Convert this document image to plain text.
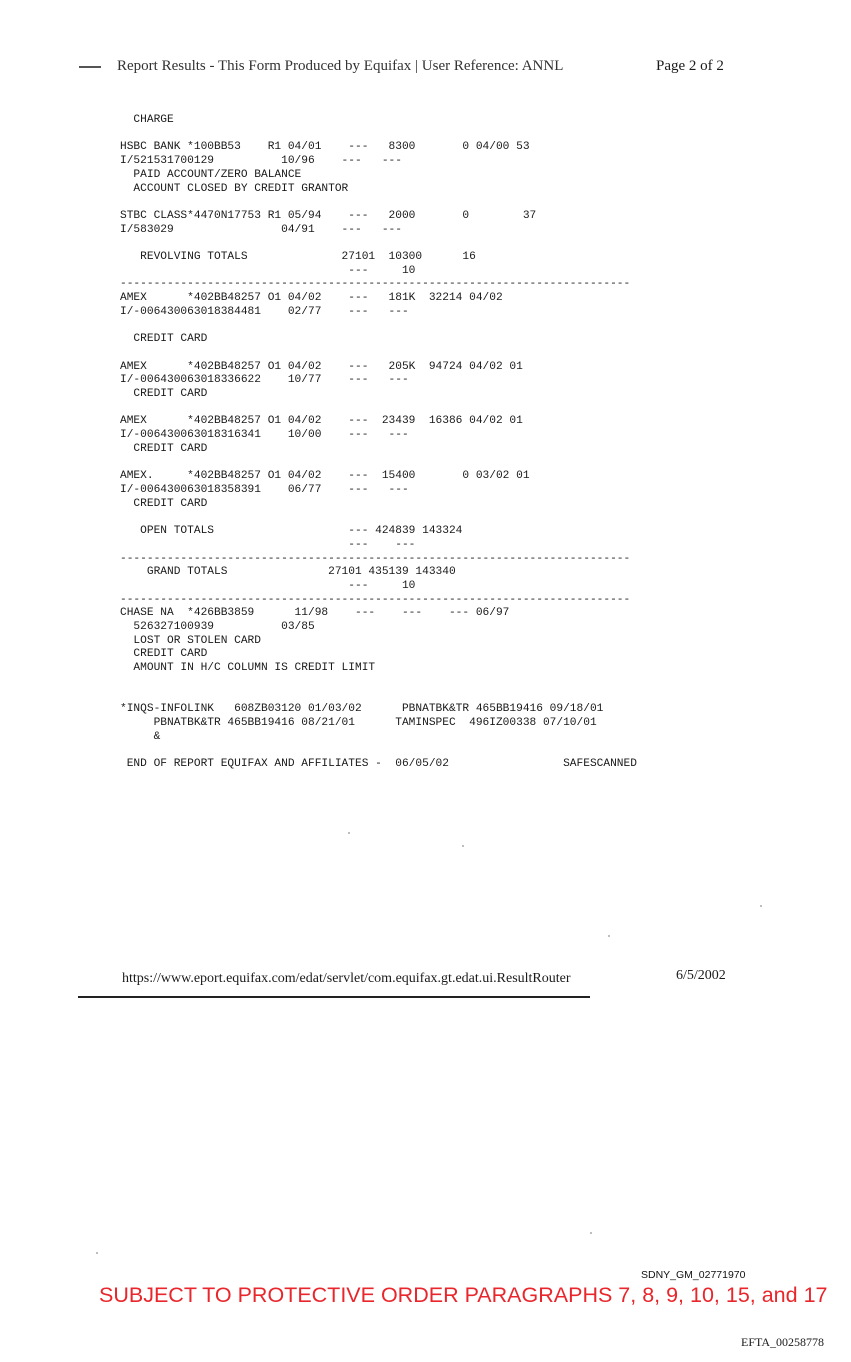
Report Results - This Form Produced by Equifax | User Reference: ANNL	Page 2 of 2
CHARGE

HSBC BANK *100BB53    R1 04/01    ---   8300       0 04/00 53
I/521531700129          10/96    ---   ---
PAID ACCOUNT/ZERO BALANCE
ACCOUNT CLOSED BY CREDIT GRANTOR

STBC CLASS*4470N17753 R1 05/94    ---   2000       0        37
I/583029                04/91    ---   ---

REVOLVING TOTALS              27101  10300      16
---     10
----------------------------------------------------------------------------
AMEX      *402BB48257 O1 04/02    ---   181K  32214 04/02
I/-006430063018384481    02/77    ---   ---

CREDIT CARD

AMEX      *402BB48257 O1 04/02    ---   205K  94724 04/02 01
I/-006430063018336622    10/77    ---   ---
CREDIT CARD

AMEX      *402BB48257 O1 04/02    ---  23439  16386 04/02 01
I/-006430063018316341    10/00    ---   ---
CREDIT CARD

AMEX.     *402BB48257 O1 04/02    ---  15400       0 03/02 01
I/-006430063018358391    06/77    ---   ---
CREDIT CARD

OPEN TOTALS                    --- 424839 143324
---    ---
----------------------------------------------------------------------------
GRAND TOTALS               27101 435139 143340
---     10
----------------------------------------------------------------------------
CHASE NA  *426BB3859      11/98    ---    ---    --- 06/97
526327100939          03/85
LOST OR STOLEN CARD
CREDIT CARD
AMOUNT IN H/C COLUMN IS CREDIT LIMIT

*INQS-INFOLINK   608ZB03120 01/03/02      PBNATBK&TR 465BB19416 09/18/01
PBNATBK&TR 465BB19416 08/21/01      TAMINSPEC  496IZ00338 07/10/01
&

END OF REPORT EQUIFAX AND AFFILIATES -  06/05/02                 SAFESCANNED

https://www.eport.equifax.com/edat/servlet/com.equifax.gt.edat.ui.ResultRouter	6/5/2002
SDNY_GM_02771970
SUBJECT TO PROTECTIVE ORDER PARAGRAPHS 7, 8, 9, 10, 15, and 17
EFTA_00258778
